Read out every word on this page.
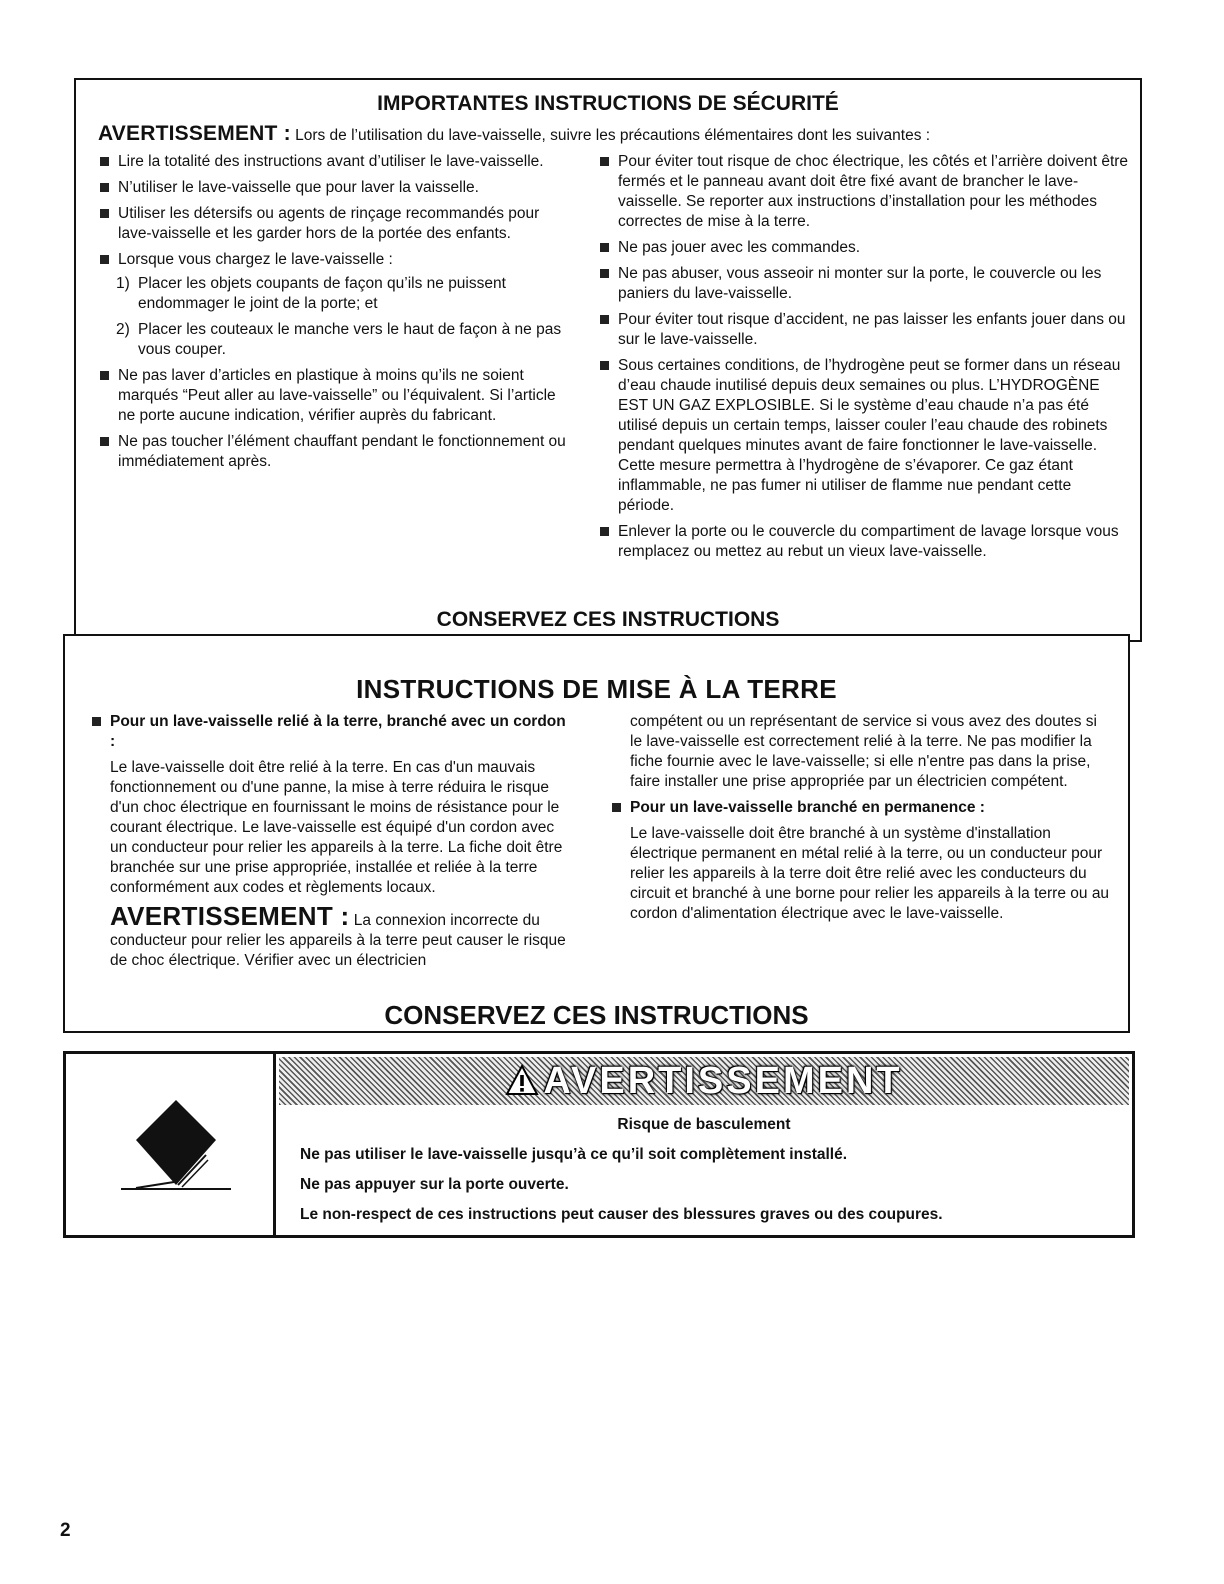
IMPORTANTES INSTRUCTIONS DE SÉCURITÉ
AVERTISSEMENT : Lors de l’utilisation du lave-vaisselle, suivre les précautions élémentaires dont les suivantes :
Lire la totalité des instructions avant d’utiliser le lave-vaisselle.
N’utiliser le lave-vaisselle que pour laver la vaisselle.
Utiliser les détersifs ou agents de rinçage recommandés pour lave-vaisselle et les garder hors de la portée des enfants.
Lorsque vous chargez le lave-vaisselle :
1) Placer les objets coupants de façon qu’ils ne puissent endommager le joint de la porte; et
2) Placer les couteaux le manche vers le haut de façon à ne pas vous couper.
Ne pas laver d’articles en plastique à moins qu’ils ne soient marqués “Peut aller au lave-vaisselle” ou l’équivalent. Si l’article ne porte aucune indication, vérifier auprès du fabricant.
Ne pas toucher l’élément chauffant pendant le fonctionnement ou immédiatement après.
Pour éviter tout risque de choc électrique, les côtés et l’arrière doivent être fermés et le panneau avant doit être fixé avant de brancher le lave-vaisselle. Se reporter aux instructions d’installation pour les méthodes correctes de mise à la terre.
Ne pas jouer avec les commandes.
Ne pas abuser, vous asseoir ni monter sur la porte, le couvercle ou les paniers du lave-vaisselle.
Pour éviter tout risque d’accident, ne pas laisser les enfants jouer dans ou sur le lave-vaisselle.
Sous certaines conditions, de l’hydrogène peut se former dans un réseau d’eau chaude inutilisé depuis deux semaines ou plus. L’HYDROGÈNE EST UN GAZ EXPLOSIBLE. Si le système d’eau chaude n’a pas été utilisé depuis un certain temps, laisser couler l’eau chaude des robinets pendant quelques minutes avant de faire fonctionner le lave-vaisselle. Cette mesure permettra à l’hydrogène de s’évaporer. Ce gaz étant inflammable, ne pas fumer ni utiliser de flamme nue pendant cette période.
Enlever la porte ou le couvercle du compartiment de lavage lorsque vous remplacez ou mettez au rebut un vieux lave-vaisselle.
CONSERVEZ CES INSTRUCTIONS
INSTRUCTIONS DE MISE À LA TERRE
Pour un lave-vaisselle relié à la terre, branché avec un cordon :
Le lave-vaisselle doit être relié à la terre. En cas d'un mauvais fonctionnement ou d'une panne, la mise à terre réduira le risque d'un choc électrique en fournissant le moins de résistance pour le courant électrique. Le lave-vaisselle est équipé d'un cordon avec un conducteur pour relier les appareils à la terre. La fiche doit être branchée sur une prise appropriée, installée et reliée à la terre conformément aux codes et règlements locaux.
AVERTISSEMENT : La connexion incorrecte du conducteur pour relier les appareils à la terre peut causer le risque de choc électrique. Vérifier avec un électricien
compétent ou un représentant de service si vous avez des doutes si le lave-vaisselle est correctement relié à la terre. Ne pas modifier la fiche fournie avec le lave-vaisselle; si elle n'entre pas dans la prise, faire installer une prise appropriée par un électricien compétent.
Pour un lave-vaisselle branché en permanence :
Le lave-vaisselle doit être branché à un système d'installation électrique permanent en métal relié à la terre, ou un conducteur pour relier les appareils à la terre doit être relié avec les conducteurs du circuit et branché à une borne pour relier les appareils à la terre ou au cordon d'alimentation électrique avec le lave-vaisselle.
CONSERVEZ CES INSTRUCTIONS
AVERTISSEMENT
Risque de basculement
Ne pas utiliser le lave-vaisselle jusqu’à ce qu’il soit complètement installé.
Ne pas appuyer sur la porte ouverte.
Le non-respect de ces instructions peut causer des blessures graves ou des coupures.
2
